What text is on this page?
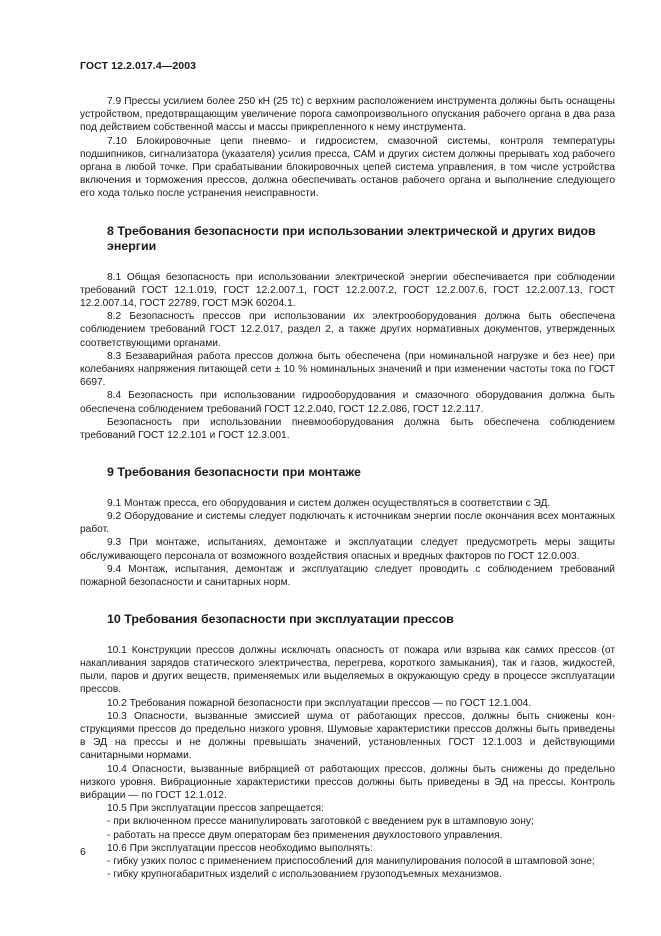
ГОСТ 12.2.017.4—2003

7.9 Прессы усилием более 250 кН (25 тс) с верхним расположением инструмента должны быть оснащены устройством, предотвращающим увеличение порога самопроизвольного опускания рабочего органа в два раза под действием собственной массы и массы прикрепленного к нему инструмента.

7.10 Блокировочные цепи пневмо- и гидросистем, смазочной системы, контроля температуры подшипников, сигнализатора (указателя) усилия пресса, САМ и других систем должны прерывать ход рабочего органа в любой точке. При срабатывании блокировочных цепей система управления, в том числе устройства включения и торможения прессов, должна обеспечивать останов рабочего органа и выполнение следующего его хода только после устранения неисправности.

8 Требования безопасности при использовании электрической и других видов энергии

8.1 Общая безопасность при использовании электрической энергии обеспечивается при соблюдении требований ГОСТ 12.1.019, ГОСТ 12.2.007.1, ГОСТ 12.2.007.2, ГОСТ 12.2.007.6, ГОСТ 12.2.007.13, ГОСТ 12.2.007.14, ГОСТ 22789, ГОСТ МЭК 60204.1.

8.2 Безопасность прессов при использовании их электрооборудования должна быть обеспечена соблюдением требований ГОСТ 12.2.017, раздел 2, а также других нормативных документов, утвержденных соответствующими органами.

8.3 Безаварийная работа прессов должна быть обеспечена (при номинальной нагрузке и без нее) при колебаниях напряжения питающей сети ± 10 % номинальных значений и при изменении частоты тока по ГОСТ 6697.

8.4 Безопасность при использовании гидрооборудования и смазочного оборудования должна быть обеспечена соблюдением требований ГОСТ 12.2.040, ГОСТ 12.2.086, ГОСТ 12.2.117.

Безопасность при использовании пневмооборудования должна быть обеспечена соблюдением требований ГОСТ 12.2.101 и ГОСТ 12.3.001.

9 Требования безопасности при монтаже

9.1 Монтаж пресса, его оборудования и систем должен осуществляться в соответствии с ЭД.

9.2 Оборудование и системы следует подключать к источникам энергии после окончания всех монтажных работ.

9.3 При монтаже, испытаниях, демонтаже и эксплуатации следует предусмотреть меры защиты обслуживающего персонала от возможного воздействия опасных и вредных факторов по ГОСТ 12.0.003.

9.4 Монтаж, испытания, демонтаж и эксплуатацию следует проводить с соблюдением требований пожарной безопасности и санитарных норм.

10 Требования безопасности при эксплуатации прессов

10.1 Конструкции прессов должны исключать опасность от пожара или взрыва как самих прессов (от накапливания зарядов статического электричества, перегрева, короткого замыкания), так и газов, жидкостей, пыли, паров и других веществ, применяемых или выделяемых в окружающую среду в процессе эксплуатации прессов.

10.2 Требования пожарной безопасности при эксплуатации прессов — по ГОСТ 12.1.004.

10.3 Опасности, вызванные эмиссией шума от работающих прессов, должны быть снижены конструкциями прессов до предельно низкого уровня. Шумовые характеристики прессов должны быть приведены в ЭД на прессы и не должны превышать значений, установленных ГОСТ 12.1.003 и действующими санитарными нормами.

10.4 Опасности, вызванные вибрацией от работающих прессов, должны быть снижены до предельно низкого уровня. Вибрационные характеристики прессов должны быть приведены в ЭД на прессы. Контроль вибрации — по ГОСТ 12.1.012.

10.5 При эксплуатации прессов запрещается:

- при включенном прессе манипулировать заготовкой с введением рук в штамповую зону;

- работать на прессе двум операторам без применения двухлостового управления.

10.6 При эксплуатации прессов необходимо выполнять:

- гибку узких полос с применением приспособлений для манипулирования полосой в штамповой зоне;

- гибку крупногабаритных изделий с использованием грузоподъемных механизмов.

6
